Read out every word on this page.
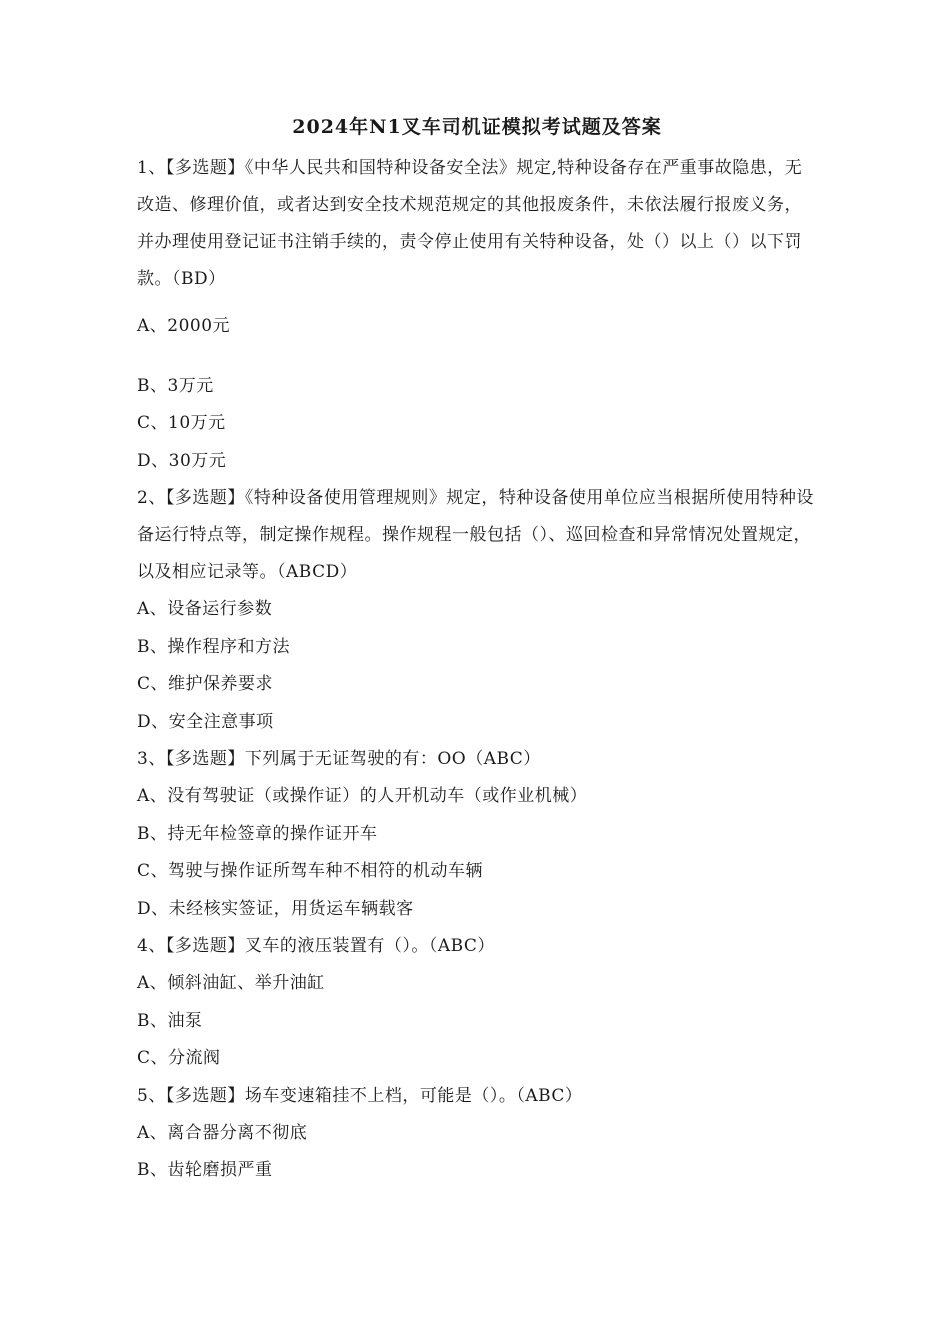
2024年N1叉车司机证模拟考试题及答案

1、【多选题】《中华人民共和国特种设备安全法》规定,特种设备存在严重事故隐患，无改造、修理价值，或者达到安全技术规范规定的其他报废条件，未依法履行报废义务，并办理使用登记证书注销手续的，责令停止使用有关特种设备，处（）以上（）以下罚款。（BD）

A、2000元

B、3万元

C、10万元

D、30万元

2、【多选题】《特种设备使用管理规则》规定，特种设备使用单位应当根据所使用特种设备运行特点等，制定操作规程。操作规程一般包括（）、巡回检查和异常情况处置规定，以及相应记录等。（ABCD）

A、设备运行参数

B、操作程序和方法

C、维护保养要求

D、安全注意事项

3、【多选题】下列属于无证驾驶的有：OO（ABC）

A、没有驾驶证（或操作证）的人开机动车（或作业机械）

B、持无年检签章的操作证开车

C、驾驶与操作证所驾车种不相符的机动车辆

D、未经核实签证，用货运车辆载客

4、【多选题】叉车的液压装置有（）。（ABC）

A、倾斜油缸、举升油缸

B、油泵

C、分流阀

5、【多选题】场车变速箱挂不上档，可能是（）。（ABC）

A、离合器分离不彻底

B、齿轮磨损严重
